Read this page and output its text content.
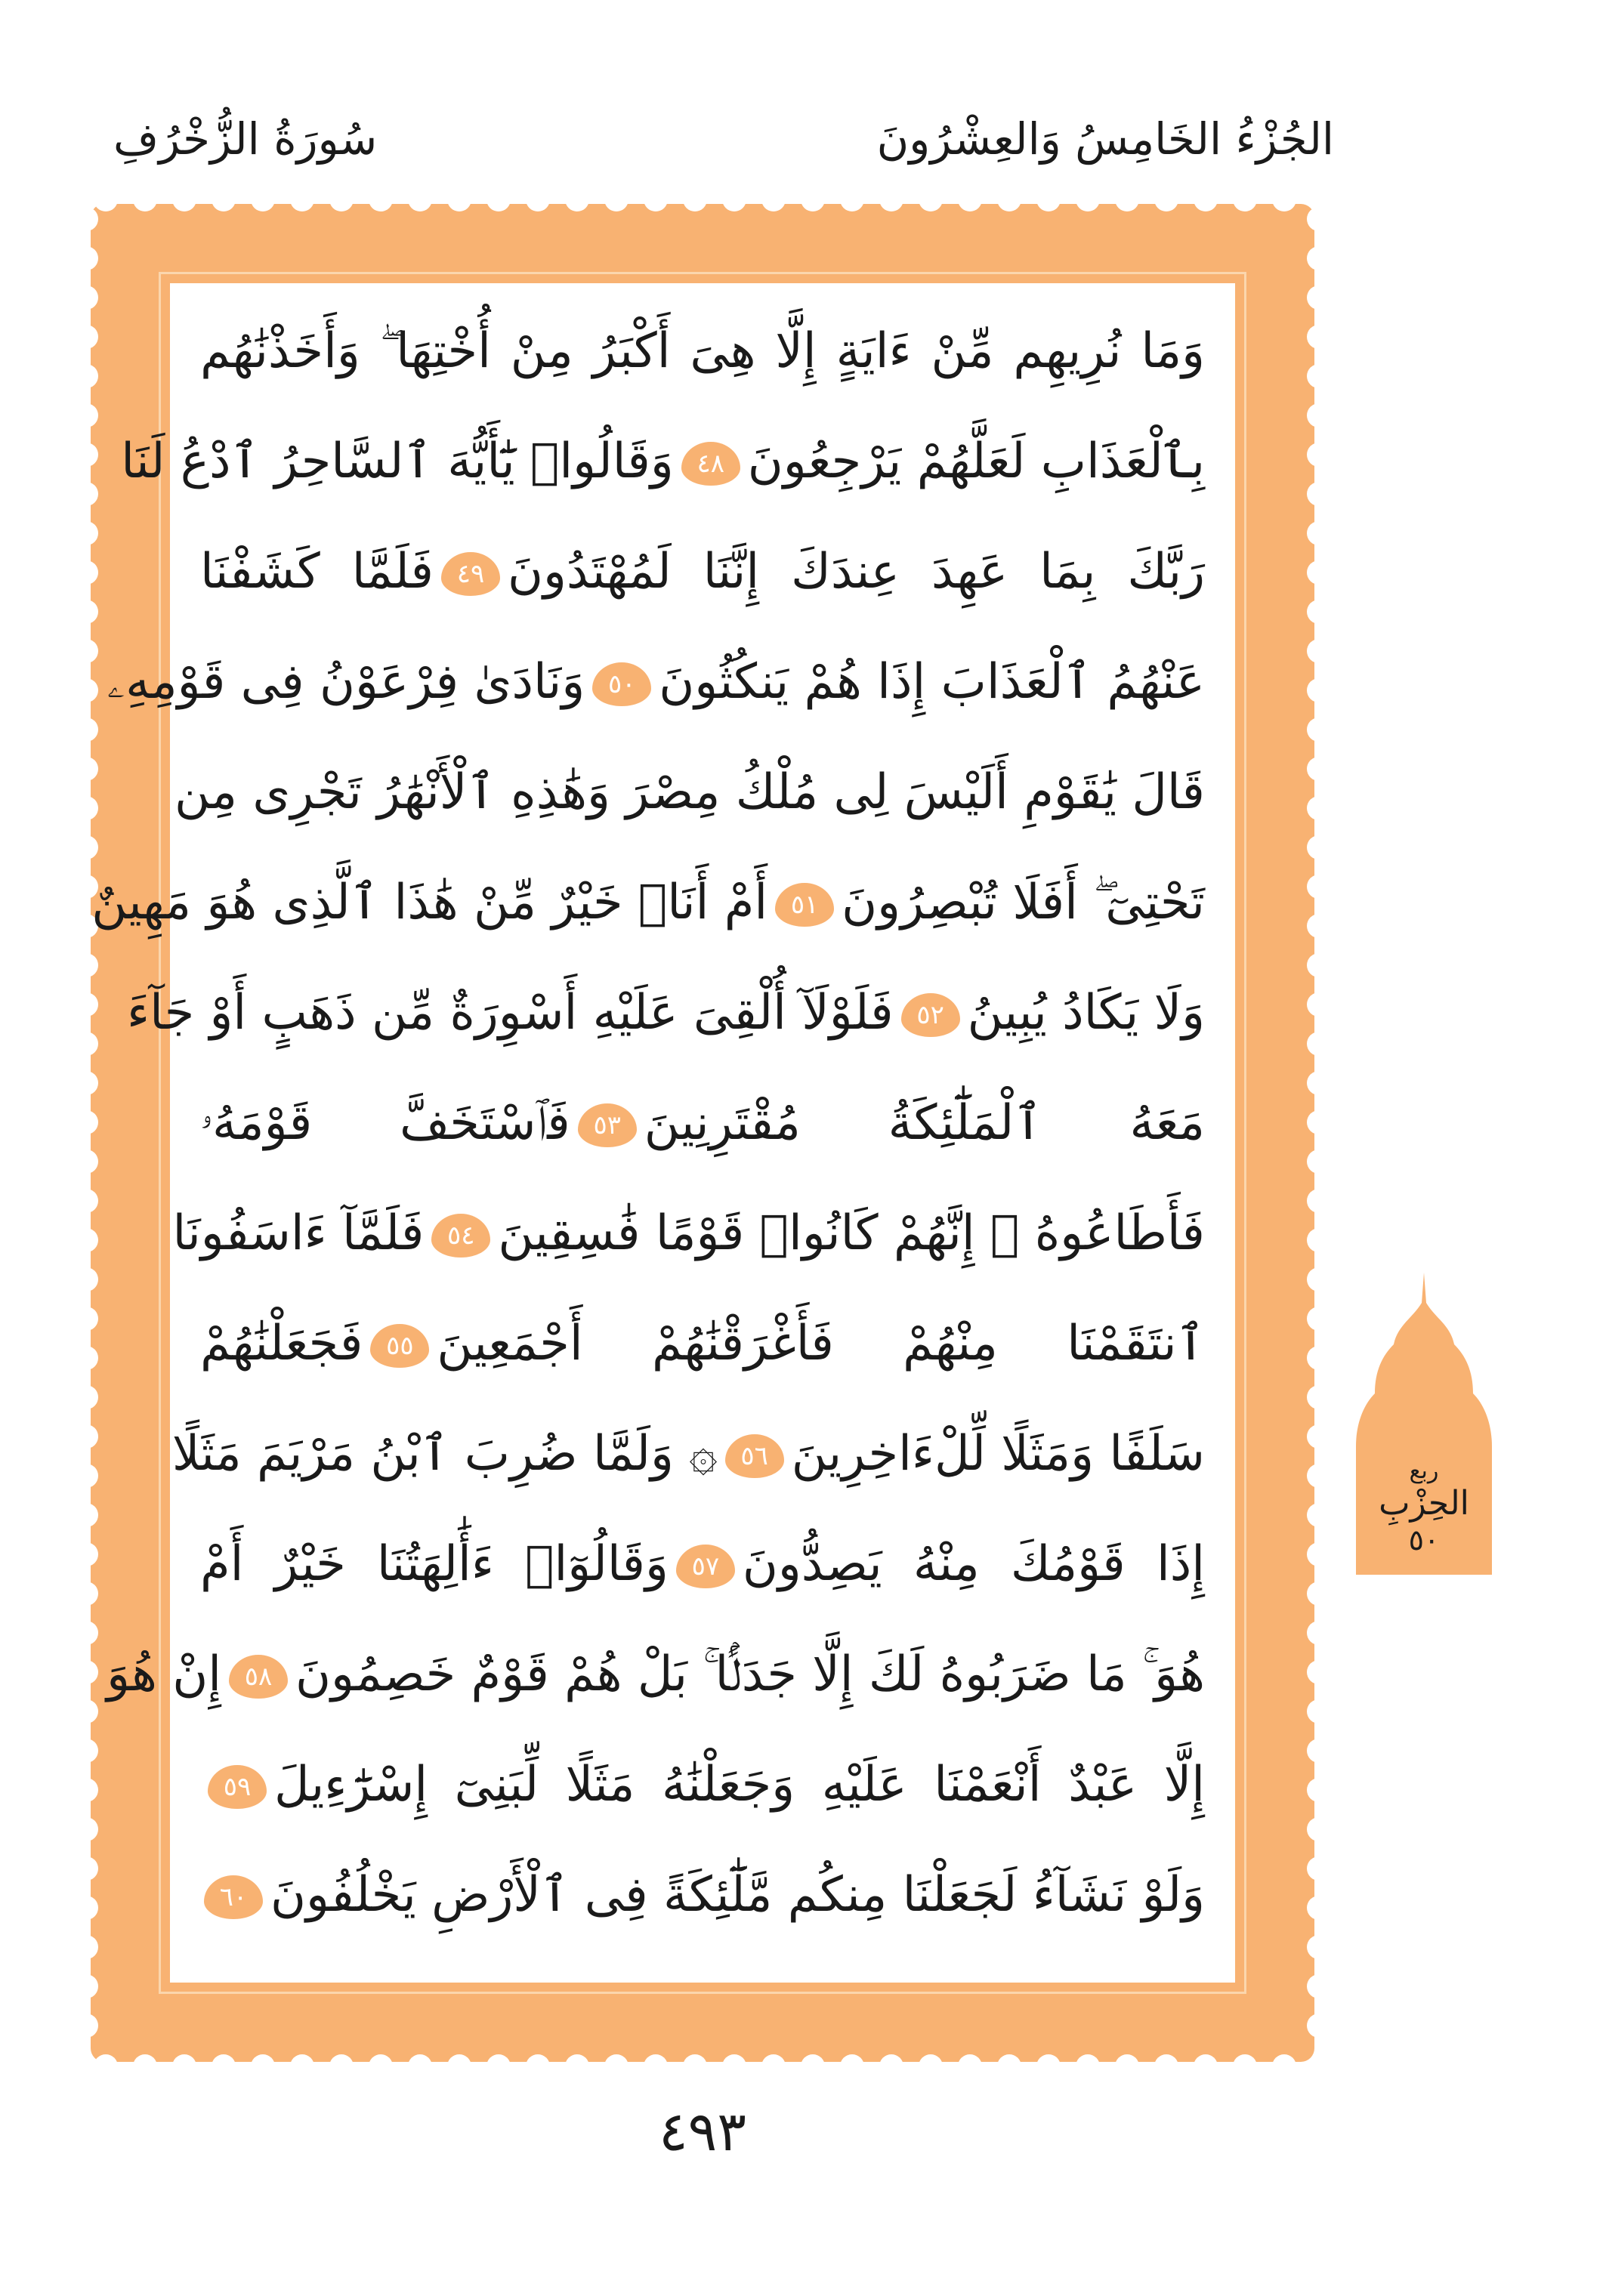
الجُزْءُ الخَامِسُ وَالعِشْرُونَ
سُورَةُ الزُّخْرُفِ
وَمَا نُرِيهِم مِّنْ ءَايَةٍ إِلَّا هِىَ أَكْبَرُ مِنْ أُخْتِهَا ۖ وَأَخَذْنَٰهُم
بِٱلْعَذَابِ لَعَلَّهُمْ يَرْجِعُونَ٤٨وَقَالُوا۟ يَٰٓأَيُّهَ ٱلسَّاحِرُ ٱدْعُ لَنَا
رَبَّكَ بِمَا عَهِدَ عِندَكَ إِنَّنَا لَمُهْتَدُونَ٤٩فَلَمَّا كَشَفْنَا
عَنْهُمُ ٱلْعَذَابَ إِذَا هُمْ يَنكُثُونَ٥٠وَنَادَىٰ فِرْعَوْنُ فِى قَوْمِهِۦ
قَالَ يَٰقَوْمِ أَلَيْسَ لِى مُلْكُ مِصْرَ وَهَٰذِهِ ٱلْأَنْهَٰرُ تَجْرِى مِن
تَحْتِىٓ ۖ أَفَلَا تُبْصِرُونَ٥١أَمْ أَنَا۠ خَيْرٌ مِّنْ هَٰذَا ٱلَّذِى هُوَ مَهِينٌ
وَلَا يَكَادُ يُبِينُ٥٢فَلَوْلَآ أُلْقِىَ عَلَيْهِ أَسْوِرَةٌ مِّن ذَهَبٍ أَوْ جَآءَ
مَعَهُ ٱلْمَلَٰٓئِكَةُ مُقْتَرِنِينَ٥٣فَٱسْتَخَفَّ قَوْمَهُۥ
فَأَطَاعُوهُ ۚ إِنَّهُمْ كَانُوا۟ قَوْمًا فَٰسِقِينَ٥٤فَلَمَّآ ءَاسَفُونَا
ٱنتَقَمْنَا مِنْهُمْ فَأَغْرَقْنَٰهُمْ أَجْمَعِينَ٥٥فَجَعَلْنَٰهُمْ
سَلَفًا وَمَثَلًا لِّلْءَاخِرِينَ٥٦۞ وَلَمَّا ضُرِبَ ٱبْنُ مَرْيَمَ مَثَلًا
إِذَا قَوْمُكَ مِنْهُ يَصِدُّونَ٥٧وَقَالُوٓا۟ ءَأَٰلِهَتُنَا خَيْرٌ أَمْ
هُوَ ۚ مَا ضَرَبُوهُ لَكَ إِلَّا جَدَلًۢا ۚ بَلْ هُمْ قَوْمٌ خَصِمُونَ٥٨إِنْ هُوَ
إِلَّا عَبْدٌ أَنْعَمْنَا عَلَيْهِ وَجَعَلْنَٰهُ مَثَلًا لِّبَنِىٓ إِسْرَٰٓءِيلَ٥٩
وَلَوْ نَشَآءُ لَجَعَلْنَا مِنكُم مَّلَٰٓئِكَةً فِى ٱلْأَرْضِ يَخْلُفُونَ٦٠
ربع
الحِزْبِ
٥٠
٤٩٣
